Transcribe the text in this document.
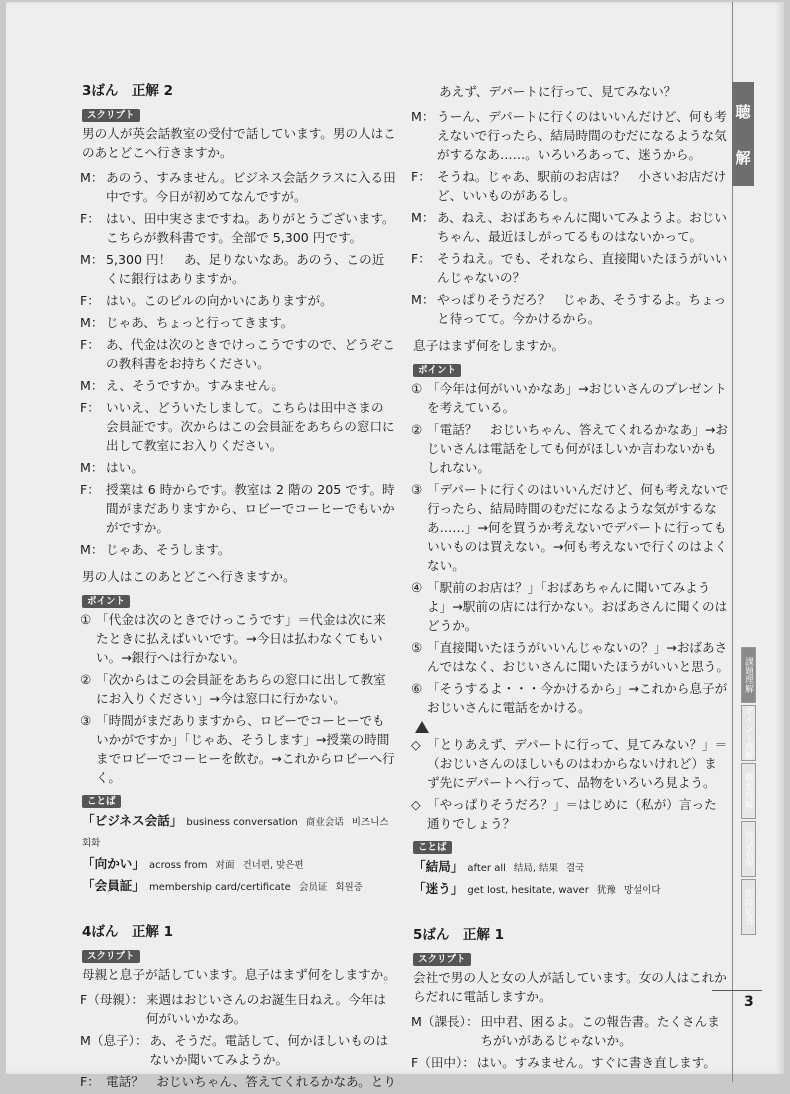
3ばん　正解 2
スクリプト
男の人が英会話教室の受付で話しています。男の人はこのあとどこへ行きますか。
M： あのう、すみません。ビジネス会話クラスに入る田中です。今日が初めてなんですが。
F： はい、田中実さまですね。ありがとうございます。こちらが教科書です。全部で 5,300 円です。
M： 5,300 円！　あ、足りないなあ。あのう、この近くに銀行はありますか。
F： はい。このビルの向かいにありますが。
M： じゃあ、ちょっと行ってきます。
F： あ、代金は次のときでけっこうですので、どうぞこの教科書をお持ちください。
M： え、そうですか。すみません。
F： いいえ、どういたしまして。こちらは田中さまの会員証です。次からはこの会員証をあちらの窓口に出して教室にお入りください。
M： はい。
F： 授業は 6 時からです。教室は 2 階の 205 です。時間がまだありますから、ロビーでコーヒーでもいかがですか。
M： じゃあ、そうします。
男の人はこのあとどこへ行きますか。
ポイント
① 「代金は次のときでけっこうです」＝代金は次に来たときに払えばいいです。→今日は払わなくてもいい。→銀行へは行かない。
② 「次からはこの会員証をあちらの窓口に出して教室にお入りください」→今は窓口に行かない。
③ 「時間がまだありますから、ロビーでコーヒーでもいかがですか」「じゃあ、そうします」→授業の時間までロビーでコーヒーを飲む。→これからロビーへ行く。
ことば
「ビジネス会話」 business conversation 商业会话 비즈니스회화
「向かい」 across from 对面 건너편, 맞은편
「会員証」 membership card/certificate 会员证 회원증
4ばん　正解 1
スクリプト
母親と息子が話しています。息子はまず何をしますか。
F（母親）： 来週はおじいさんのお誕生日ねえ。今年は何がいいかなあ。
M（息子）： あ、そうだ。電話して、何かほしいものはないか聞いてみようか。
F： 電話？　おじいちゃん、答えてくれるかなあ。とり
あえず、デパートに行って、見てみない？
M： うーん、デパートに行くのはいいんだけど、何も考えないで行ったら、結局時間のむだになるような気がするなあ……。いろいろあって、迷うから。
F： そうね。じゃあ、駅前のお店は？　小さいお店だけど、いいものがあるし。
M： あ、ねえ、おばあちゃんに聞いてみようよ。おじいちゃん、最近ほしがってるものはないかって。
F： そうねえ。でも、それなら、直接聞いたほうがいいんじゃないの？
M： やっぱりそうだろ？　じゃあ、そうするよ。ちょっと待ってて。今かけるから。
息子はまず何をしますか。
ポイント
① 「今年は何がいいかなあ」→おじいさんのプレゼントを考えている。
② 「電話？　おじいちゃん、答えてくれるかなあ」→おじいさんは電話をしても何がほしいか言わないかもしれない。
③ 「デパートに行くのはいいんだけど、何も考えないで行ったら、結局時間のむだになるような気がするなあ……」→何を買うか考えないでデパートに行ってもいいものは買えない。→何も考えないで行くのはよくない。
④ 「駅前のお店は？」「おばあちゃんに聞いてみようよ」→駅前の店には行かない。おばあさんに聞くのはどうか。
⑤ 「直接聞いたほうがいいんじゃないの？」→おばあさんではなく、おじいさんに聞いたほうがいいと思う。
⑥ 「そうするよ・・・今かけるから」→これから息子がおじいさんに電話をかける。
◇ 「とりあえず、デパートに行って、見てみない？」＝（おじいさんのほしいものはわからないけれど）まず先にデパートへ行って、品物をいろいろ見よう。
◇ 「やっぱりそうだろ？」＝はじめに（私が）言った通りでしょう？
ことば
「結局」 after all 结局, 结果 결국
「迷う」 get lost, hesitate, waver 犹豫 망설이다
5ばん　正解 1
スクリプト
会社で男の人と女の人が話しています。女の人はこれからだれに電話しますか。
M（課長）： 田中君、困るよ。この報告書。たくさんまちがいがあるじゃないか。
F（田中）： はい。すみません。すぐに書き直します。
聴
解
課題理解
ポイント理解
概要理解
発話表現
即時応答
3
